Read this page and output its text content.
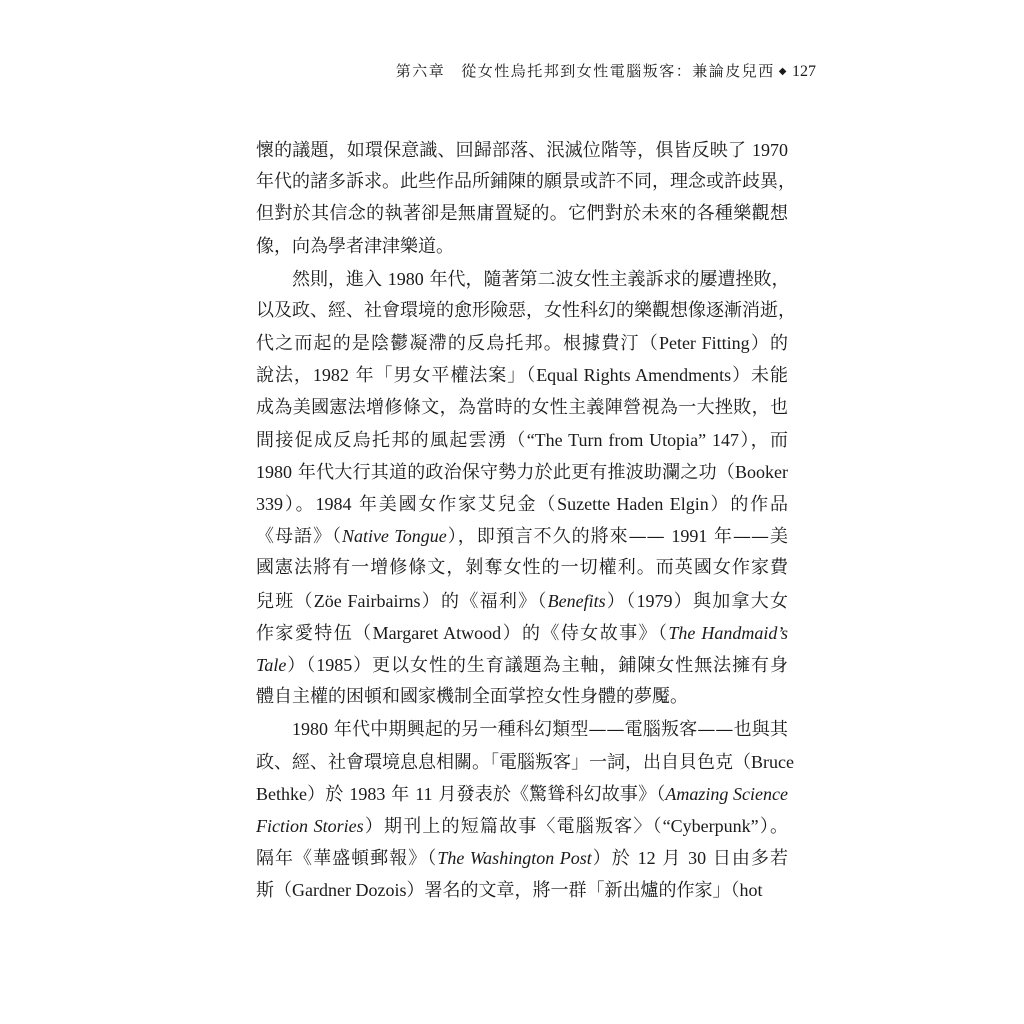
第六章 從女性烏托邦到女性電腦叛客：兼論皮兒西 ◆ 127
懷的議題，如環保意識、回歸部落、泯滅位階等，俱皆反映了 1970
年代的諸多訴求。此些作品所鋪陳的願景或許不同，理念或許歧異，
但對於其信念的執著卻是無庸置疑的。它們對於未來的各種樂觀想
像，向為學者津津樂道。
然則，進入 1980 年代，隨著第二波女性主義訴求的屢遭挫敗，
以及政、經、社會環境的愈形險惡，女性科幻的樂觀想像逐漸消逝，
代之而起的是陰鬱凝滯的反烏托邦。根據費汀（Peter Fitting）的
說法，1982 年「男女平權法案」（Equal Rights Amendments）未能
成為美國憲法增修條文，為當時的女性主義陣營視為一大挫敗，也
間接促成反烏托邦的風起雲湧（“The Turn from Utopia” 147），而
1980 年代大行其道的政治保守勢力於此更有推波助瀾之功（Booker
339）。1984 年美國女作家艾兒金（Suzette Haden Elgin）的作品
《母語》（Native Tongue），即預言不久的將來—— 1991 年——美
國憲法將有一增修條文，剝奪女性的一切權利。而英國女作家費
兒班（Zöe Fairbairns）的《福利》（Benefits）（1979）與加拿大女
作家愛特伍（Margaret Atwood）的《侍女故事》（The Handmaid’s
Tale）（1985）更以女性的生育議題為主軸，鋪陳女性無法擁有身
體自主權的困頓和國家機制全面掌控女性身體的夢魘。
1980 年代中期興起的另一種科幻類型——電腦叛客——也與其
政、經、社會環境息息相關。「電腦叛客」一詞，出自貝色克（Bruce
Bethke）於 1983 年 11 月發表於《驚聳科幻故事》（Amazing Science
Fiction Stories）期刊上的短篇故事〈電腦叛客〉（“Cyberpunk”）。
隔年《華盛頓郵報》（The Washington Post）於 12 月 30 日由多若
斯（Gardner Dozois）署名的文章，將一群「新出爐的作家」（hot
